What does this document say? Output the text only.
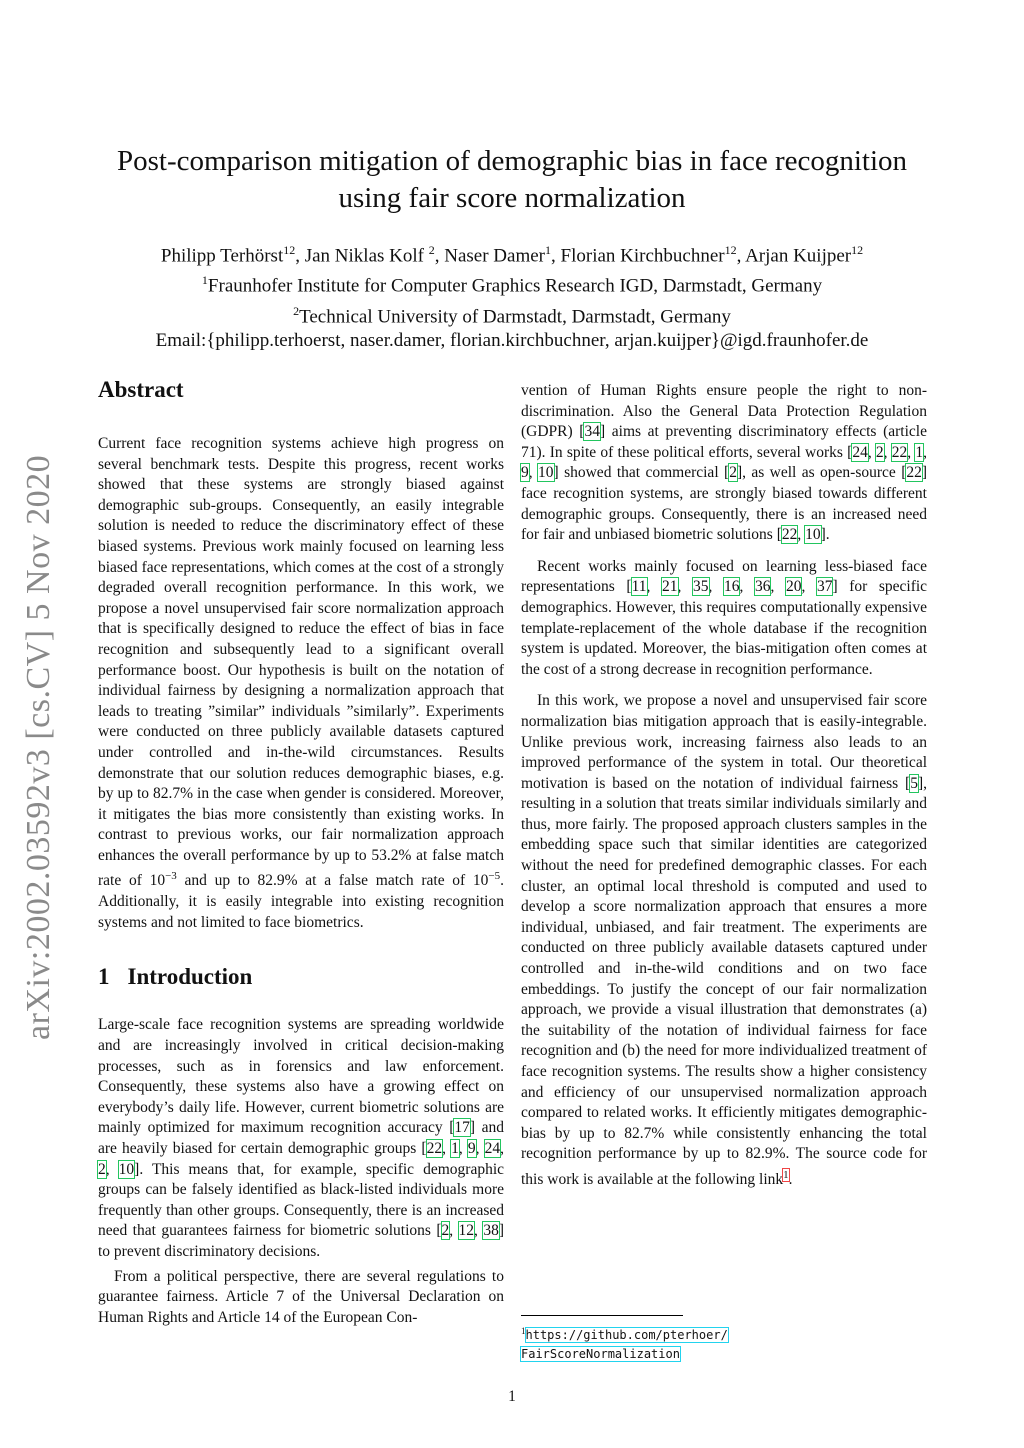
arXiv:2002.03592v3 [cs.CV] 5 Nov 2020
Post-comparison mitigation of demographic bias in face recognition
using fair score normalization
Philipp Terhörst$^{12}$, Jan Niklas Kolf $^2$, Naser Damer$^1$, Florian Kirchbuchner$^{12}$, Arjan Kuijper$^{12}$
$^1$Fraunhofer Institute for Computer Graphics Research IGD, Darmstadt, Germany
$^2$Technical University of Darmstadt, Darmstadt, Germany
Email:{philipp.terhoerst, naser.damer, florian.kirchbuchner, arjan.kuijper}@igd.fraunhofer.de
Abstract

Current face recognition systems achieve high progress on several benchmark tests. Despite this progress, recent works showed that these systems are strongly biased against demographic sub-groups. Consequently, an easily integrable solution is needed to reduce the discriminatory effect of these biased systems. Previous work mainly focused on learning less biased face representations, which comes at the cost of a strongly degraded overall recognition performance. In this work, we propose a novel unsupervised fair score normalization approach that is specifically designed to reduce the effect of bias in face recognition and subsequently lead to a significant overall performance boost. Our hypothesis is built on the notation of individual fairness by designing a normalization approach that leads to treating ”similar” individuals ”similarly”. Experiments were conducted on three publicly available datasets captured under controlled and in-the-wild circumstances. Results demonstrate that our solution reduces demographic biases, e.g. by up to 82.7% in the case when gender is considered. Moreover, it mitigates the bias more consistently than existing works. In contrast to previous works, our fair normalization approach enhances the overall performance by up to 53.2% at false match rate of $10^{-3}$ and up to 82.9% at a false match rate of $10^{-5}$. Additionally, it is easily integrable into existing recognition systems and not limited to face biometrics.

1 Introduction

Large-scale face recognition systems are spreading worldwide and are increasingly involved in critical decision-making processes, such as in forensics and law enforcement. Consequently, these systems also have a growing effect on everybody’s daily life. However, current biometric solutions are mainly optimized for maximum recognition accuracy [17] and are heavily biased for certain demographic groups [22, 1, 9, 24, 2, 10]. This means that, for example, specific demographic groups can be falsely identified as black-listed individuals more frequently than other groups. Consequently, there is an increased need that guarantees fairness for biometric solutions [2, 12, 38] to prevent discriminatory decisions.

From a political perspective, there are several regulations to guarantee fairness. Article 7 of the Universal Declaration on Human Rights and Article 14 of the European Con-

vention of Human Rights ensure people the right to non-discrimination. Also the General Data Protection Regulation (GDPR) [34] aims at preventing discriminatory effects (article 71). In spite of these political efforts, several works [24, 2, 22, 1, 9, 10] showed that commercial [2], as well as open-source [22] face recognition systems, are strongly biased towards different demographic groups. Consequently, there is an increased need for fair and unbiased biometric solutions [22, 10].

Recent works mainly focused on learning less-biased face representations [11, 21, 35, 16, 36, 20, 37] for specific demographics. However, this requires computationally expensive template-replacement of the whole database if the recognition system is updated. Moreover, the bias-mitigation often comes at the cost of a strong decrease in recognition performance.

In this work, we propose a novel and unsupervised fair score normalization bias mitigation approach that is easily-integrable. Unlike previous work, increasing fairness also leads to an improved performance of the system in total. Our theoretical motivation is based on the notation of individual fairness [5], resulting in a solution that treats similar individuals similarly and thus, more fairly. The proposed approach clusters samples in the embedding space such that similar identities are categorized without the need for predefined demographic classes. For each cluster, an optimal local threshold is computed and used to develop a score normalization approach that ensures a more individual, unbiased, and fair treatment. The experiments are conducted on three publicly available datasets captured under controlled and in-the-wild conditions and on two face embeddings. To justify the concept of our fair normalization approach, we provide a visual illustration that demonstrates (a) the suitability of the notation of individual fairness for face recognition and (b) the need for more individualized treatment of face recognition systems. The results show a higher consistency and efficiency of our unsupervised normalization approach compared to related works. It efficiently mitigates demographic-bias by up to 82.7% while consistently enhancing the total recognition performance by up to 82.9%. The source code for this work is available at the following link$^1$.

$^1$https://github.com/pterhoer/
FairScoreNormalization
1
